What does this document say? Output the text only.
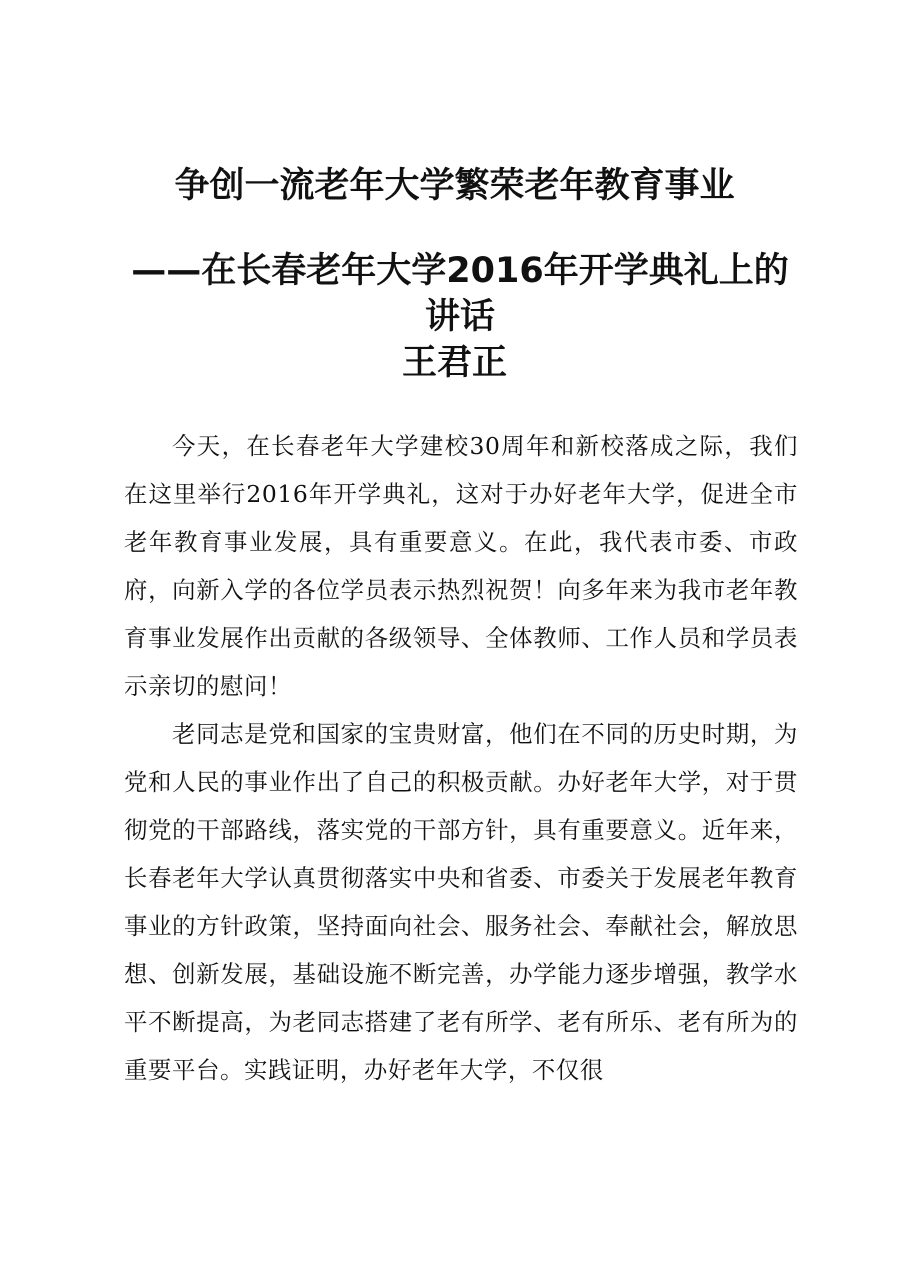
争创一流老年大学繁荣老年教育事业
——在长春老年大学2016年开学典礼上的讲话
王君正

今天，在长春老年大学建校30周年和新校落成之际，我们在这里举行2016年开学典礼，这对于办好老年大学，促进全市老年教育事业发展，具有重要意义。在此，我代表市委、市政府，向新入学的各位学员表示热烈祝贺！向多年来为我市老年教育事业发展作出贡献的各级领导、全体教师、工作人员和学员表示亲切的慰问！

老同志是党和国家的宝贵财富，他们在不同的历史时期，为党和人民的事业作出了自己的积极贡献。办好老年大学，对于贯彻党的干部路线，落实党的干部方针，具有重要意义。近年来，长春老年大学认真贯彻落实中央和省委、市委关于发展老年教育事业的方针政策，坚持面向社会、服务社会、奉献社会，解放思想、创新发展，基础设施不断完善，办学能力逐步增强，教学水平不断提高，为老同志搭建了老有所学、老有所乐、老有所为的重要平台。实践证明，办好老年大学，不仅很
